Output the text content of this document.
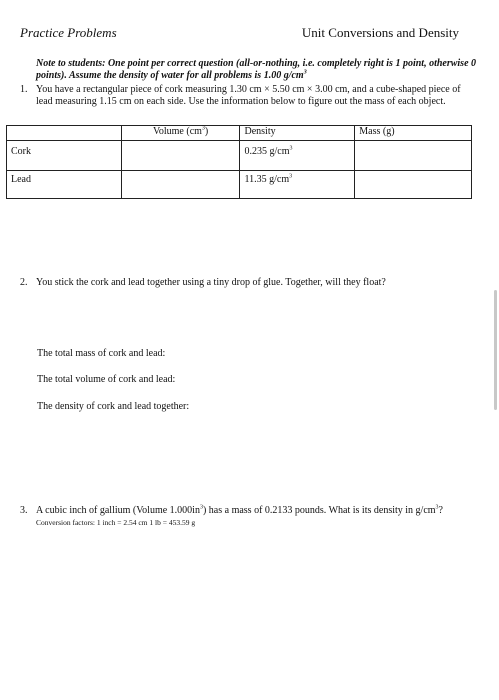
Practice Problems	Unit Conversions and Density
Note to students: One point per correct question (all-or-nothing, i.e. completely right is 1 point, otherwise 0 points). Assume the density of water for all problems is 1.00 $g/cm^3$
1. You have a rectangular piece of cork measuring 1.30 cm × 5.50 cm × 3.00 cm, and a cube-shaped piece of lead measuring 1.15 cm on each side. Use the information below to figure out the mass of each object.
	Volume $(cm^3)$	Density	Mass (g)
Cork		0.235 $g/cm^3$	
Lead		11.35 $g/cm^3$	
2. You stick the cork and lead together using a tiny drop of glue. Together, will they float?
The total mass of cork and lead:
The total volume of cork and lead:
The density of cork and lead together:
3. A cubic inch of gallium (Volume $1.000in^3$) has a mass of 0.2133 pounds. What is its density in $g/cm^3$? Conversion factors: 1 inch = 2.54 cm 1 lb = 453.59 g
